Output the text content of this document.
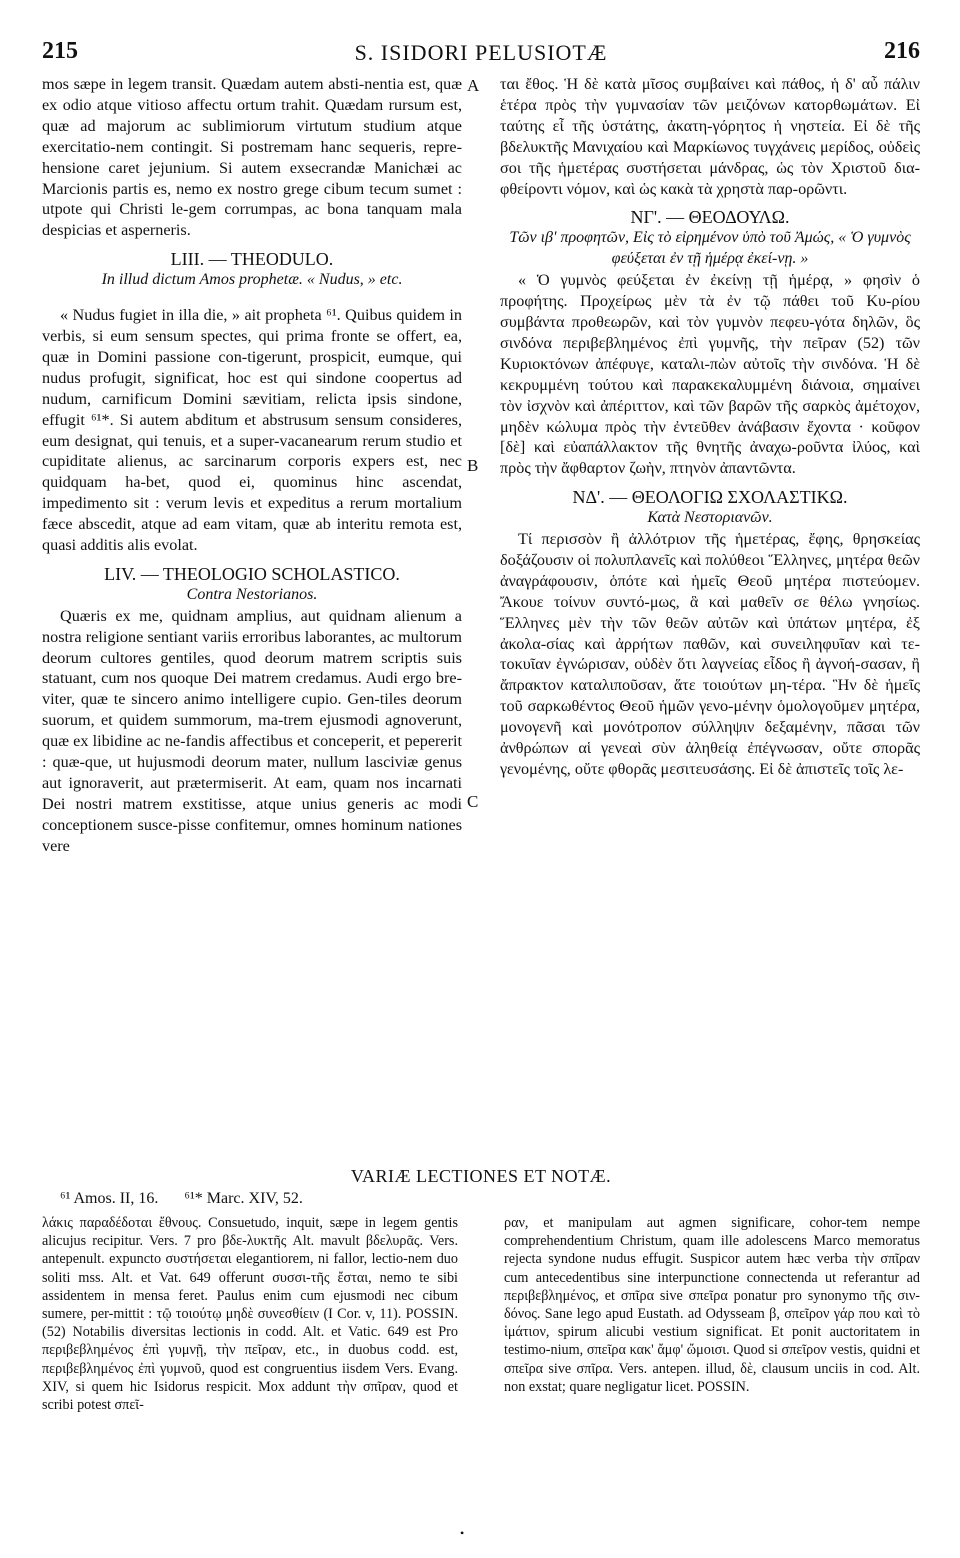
215	S. ISIDORI PELUSIOTÆ	216
A
B
C

mos sæpe in legem transit. Quædam autem absti-nentia est, quæ ex odio atque vitioso affectu ortum trahit. Quædam rursum est, quæ ad majorum ac sublimiorum virtutum studium atque exercitatio-nem contingit. Si postremam hanc sequeris, repre-hensione caret jejunium. Si autem exsecrandæ Manichæi ac Marcionis partis es, nemo ex nostro grege cibum tecum sumet : utpote qui Christi le-gem corrumpas, ac bona tanquam mala despicias et asperneris.

LIII. — THEODULO.
In illud dictum Amos prophetæ. « Nudus, » etc.

« Nudus fugiet in illa die, » ait propheta ⁶¹. Quibus quidem in verbis, si eum sensum spectes, qui prima fronte se offert, ea, quæ in Domini passione con-tigerunt, prospicit, eumque, qui nudus profugit, significat, hoc est qui sindone coopertus ad nudum, carnificum Domini sævitiam, relicta ipsis sindone, effugit ⁶¹*. Si autem abditum et abstrusum sensum consideres, eum designat, qui tenuis, et a super-vacanearum rerum studio et cupiditate alienus, ac sarcinarum corporis expers est, nec quidquam ha-bet, quod ei, quominus hinc ascendat, impedimento sit : verum levis et expeditus a rerum mortalium fæce abscedit, atque ad eam vitam, quæ ab interitu remota est, quasi additis alis evolat.

LIV. — THEOLOGIO SCHOLASTICO.
Contra Nestorianos.

Quæris ex me, quidnam amplius, aut quidnam alienum a nostra religione sentiant variis erroribus laborantes, ac multorum deorum cultores gentiles, quod deorum matrem scriptis suis statuant, cum nos quoque Dei matrem credamus. Audi ergo bre-viter, quæ te sincero animo intelligere cupio. Gen-tiles deorum suorum, et quidem summorum, ma-trem ejusmodi agnoverunt, quæ ex libidine ac ne-fandis affectibus et conceperit, et pepererit : quæ-que, ut hujusmodi deorum mater, nullum lasciviæ genus aut ignoraverit, aut prætermiserit. At eam, quam nos incarnati Dei nostri matrem exstitisse, atque unius generis ac modi conceptionem susce-pisse confitemur, omnes hominum nationes vere

ται ἔθος. Ἡ δὲ κατὰ μῖσος συμβαίνει καὶ πάθος, ἡ δ' αὖ πάλιν ἑτέρα πρὸς τὴν γυμνασίαν τῶν μειζόνων κατορθωμάτων. Εἰ ταύτης εἶ τῆς ὑστάτης, ἀκατη-γόρητος ἡ νηστεία. Εἰ δὲ τῆς βδελυκτῆς Μανιχαίου καὶ Μαρκίωνος τυγχάνεις μερίδος, οὐδεὶς σοι τῆς ἡμετέρας συστήσεται μάνδρας, ὡς τὸν Χριστοῦ δια-φθείροντι νόμον, καὶ ὡς κακὰ τὰ χρηστὰ παρ-ορῶντι.

ΝΓ'. — ΘΕΟΔΟΥΛΩ.
Τῶν ιβ' προφητῶν, Εἰς τὸ εἰρημένον ὑπὸ τοῦ Ἀμώς, « Ὁ γυμνὸς φεύξεται ἐν τῇ ἡμέρᾳ ἐκεί-νῃ. »

« Ὁ γυμνὸς φεύξεται ἐν ἐκείνῃ τῇ ἡμέρᾳ, » φησὶν ὁ προφήτης. Προχείρως μὲν τὰ ἐν τῷ πάθει τοῦ Κυ-ρίου συμβάντα προθεωρῶν, καὶ τὸν γυμνὸν πεφευ-γότα δηλῶν, ὃς σινδόνα περιβεβλημένος ἐπὶ γυμνῆς, τὴν πεῖραν (52) τῶν Κυριοκτόνων ἀπέφυγε, καταλι-πὼν αὐτοῖς τὴν σινδόνα. Ἡ δὲ κεκρυμμένη τούτου καὶ παρακεκαλυμμένη διάνοια, σημαίνει τὸν ἰσχνὸν καὶ ἀπέριττον, καὶ τῶν βαρῶν τῆς σαρκὸς ἀμέτοχον, μηδὲν κώλυμα πρὸς τὴν ἐντεῦθεν ἀνάβασιν ἔχοντα · κοῦφον [δὲ] καὶ εὐαπάλλακτον τῆς θνητῆς ἀναχω-ροῦντα ἰλύος, καὶ πρὸς τὴν ἄφθαρτον ζωὴν, πτηνὸν ἀπαντῶντα.

ΝΔ'. — ΘΕΟΛΟΓΙΩ ΣΧΟΛΑΣΤΙΚΩ.
Κατὰ Νεστοριανῶν.

Τί περισσὸν ἢ ἀλλότριον τῆς ἡμετέρας, ἔφης, θρησκείας δοξάζουσιν οἱ πολυπλανεῖς καὶ πολύθεοι Ἕλληνες, μητέρα θεῶν ἀναγράφουσιν, ὁπότε καὶ ἡμεῖς Θεοῦ μητέρα πιστεύομεν. Ἄκουε τοίνυν συντό-μως, ἃ καὶ μαθεῖν σε θέλω γνησίως. Ἕλληνες μὲν τὴν τῶν θεῶν αὐτῶν καὶ ὑπάτων μητέρα, ἐξ ἀκολα-σίας καὶ ἀρρήτων παθῶν, καὶ συνειληφυῖαν καὶ τε-τοκυῖαν ἐγνώρισαν, οὐδὲν ὅτι λαγνείας εἶδος ἢ ἀγνοή-σασαν, ἢ ἄπρακτον καταλιποῦσαν, ἅτε τοιούτων μη-τέρα. Ἣν δὲ ἡμεῖς τοῦ σαρκωθέντος Θεοῦ ἡμῶν γενο-μένην ὁμολογοῦμεν μητέρα, μονογενῆ καὶ μονότροπον σύλληψιν δεξαμένην, πᾶσαι τῶν ἀνθρώπων αἱ γενεαὶ σὺν ἀληθείᾳ ἐπέγνωσαν, οὔτε σπορᾶς γενομένης, οὔτε φθορᾶς μεσιτευσάσης. Εἰ δὲ ἀπιστεῖς τοῖς λε-

VARIÆ LECTIONES ET NOTÆ.
⁶¹ Amos. II, 16. ⁶¹* Marc. XIV, 52.
λάκις παραδέδοται ἔθνους. Consuetudo, inquit, sæpe in legem gentis alicujus recipitur. Vers. 7 pro βδε-λυκτῆς Alt. mavult βδελυρᾶς. Vers. antepenult. expuncto συστήσεται elegantiorem, ni fallor, lectio-nem duo soliti mss. Alt. et Vat. 649 offerunt συσσι-τῆς ἔσται, nemo te sibi assidentem in mensa feret. Paulus enim cum ejusmodi nec cibum sumere, per-mittit : τῷ τοιούτῳ μηδὲ συνεσθίειν (I Cor. v, 11). POSSIN. (52) Notabilis diversitas lectionis in codd. Alt. et Vatic. 649 est Pro περιβεβλημένος ἐπὶ γυμνῇ, τὴν πεῖραν, etc., in duobus codd. est, περιβεβλημένος ἐπὶ γυμνοῦ, quod est congruentius iisdem Vers. Evang. XIV, si quem hic Isidorus respicit. Mox addunt τὴν σπῖραν, quod et scribi potest σπεῖ-
ραν, et manipulam aut agmen significare, cohor-tem nempe comprehendentium Christum, quam ille adolescens Marco memoratus rejecta syndone nudus effugit. Suspicor autem hæc verba τὴν σπῖραν cum antecedentibus sine interpunctione connectenda ut referantur ad περιβεβλημένος, et σπῖρα sive σπεῖρα ponatur pro synonymo τῆς σιν-δόνος. Sane lego apud Eustath. ad Odysseam β, σπεῖρον γάρ που καὶ τὸ ἱμάτιον, spirum alicubi vestium significat. Et ponit auctoritatem in testimo-nium, σπεῖρα κακ' ἄμφ' ὤμοισι. Quod si σπεῖρον vestis, quidni et σπεῖρα sive σπῖρα. Vers. antepen. illud, δὲ, clausum unciis in cod. Alt. non exstat; quare negligatur licet. POSSIN.
•
